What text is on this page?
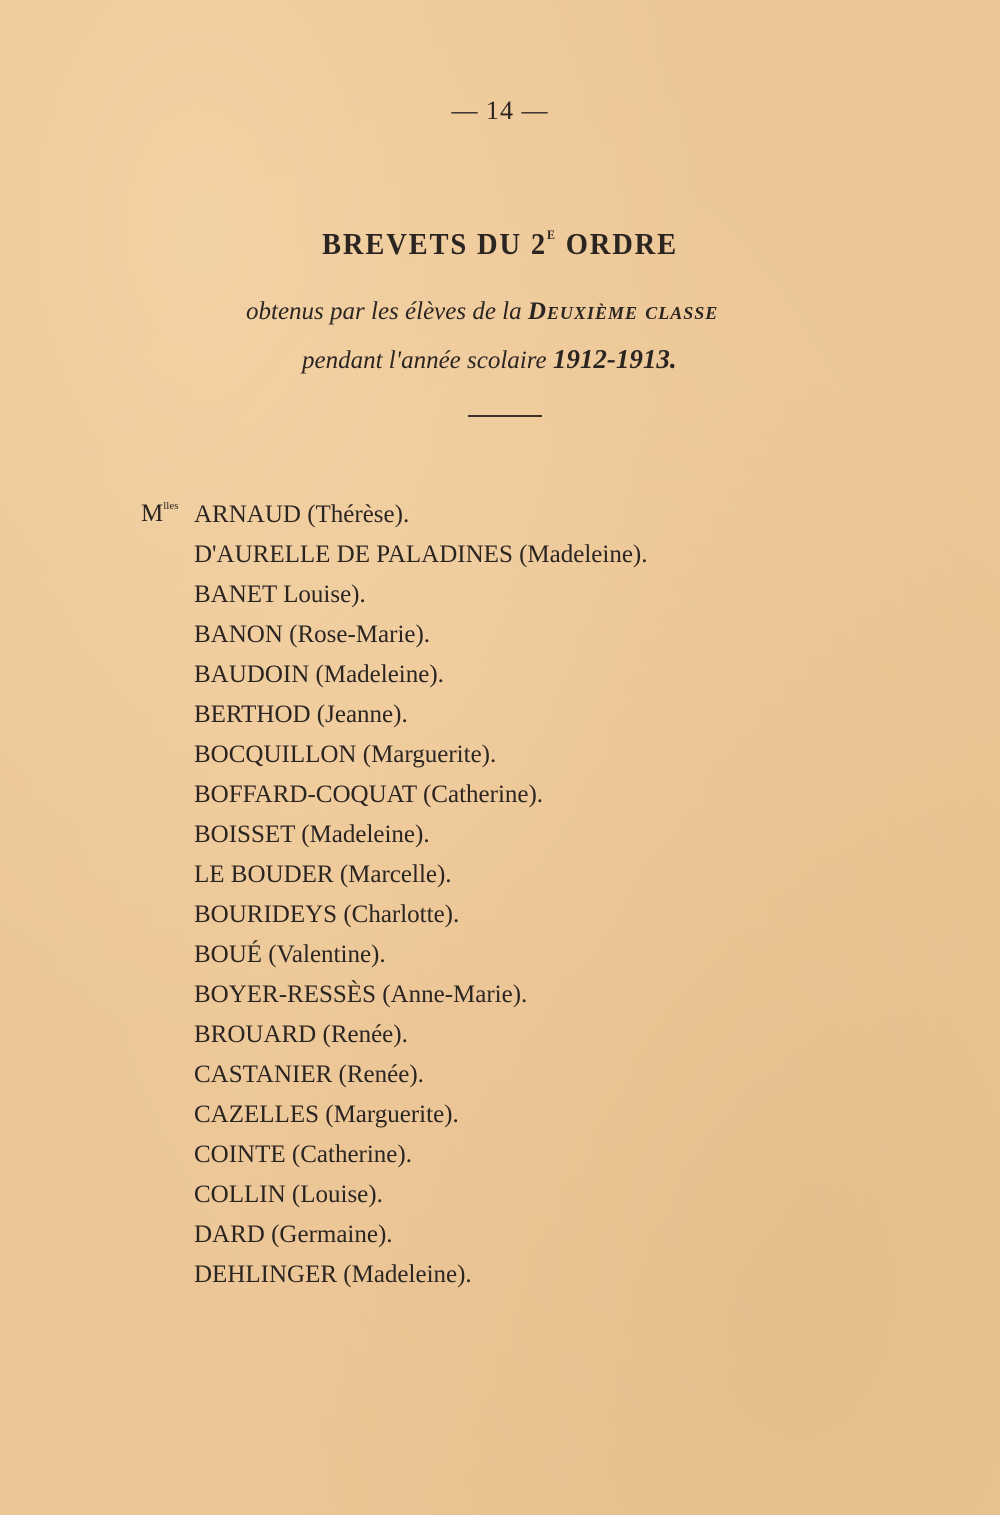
— 14 —
BREVETS DU $2^E$ ORDRE
obtenus par les élèves de la Deuxième classe
pendant l'année scolaire 1912-1913.
$M^{lles}$ ARNAUD (Thérèse).
D'AURELLE DE PALADINES (Madeleine).
BANET Louise).
BANON (Rose-Marie).
BAUDOIN (Madeleine).
BERTHOD (Jeanne).
BOCQUILLON (Marguerite).
BOFFARD-COQUAT (Catherine).
BOISSET (Madeleine).
LE BOUDER (Marcelle).
BOURIDEYS (Charlotte).
BOUÉ (Valentine).
BOYER-RESSÈS (Anne-Marie).
BROUARD (Renée).
CASTANIER (Renée).
CAZELLES (Marguerite).
COINTE (Catherine).
COLLIN (Louise).
DARD (Germaine).
DEHLINGER (Madeleine).
